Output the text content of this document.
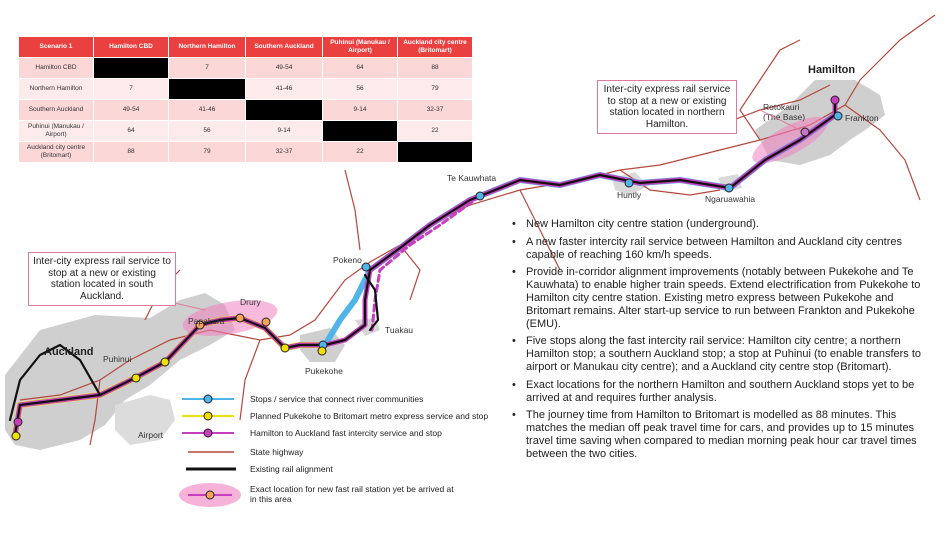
Hamilton
Frankton
Rotokauri
(The Base)
Ngaruawahia
Huntly
Te Kauwhata
Pokeno
Tuakau
Pukekohe
Drury
Papakura
Auckland
Puhinui
Airport
Scenario 1	Hamilton CBD	Northern Hamilton	Southern Auckland	Puhinui (Manukau / Airport)	Auckland city centre (Britomart)
Hamilton CBD		7	49-54	64	88
Northern Hamilton	7		41-46	56	79
Southern Auckland	49-54	41-46		9-14	32-37
Puhinui (Manukau / Airport)	64	56	9-14		22
Auckland city centre (Britomart)	88	79	32-37	22	
Inter-city express rail service to stop at a new or existing station located in northern Hamilton.
Inter-city express rail service to stop at a new or existing station located in south Auckland.
Stops / service that connect river communities
Planned Pukekohe to Britomart metro express service and stop
Hamilton to Auckland fast intercity service and stop
State highway
Existing rail alignment
Exact location for new fast rail station yet be arrived at in this area
• New Hamilton city centre station (underground).
• A new faster intercity rail service between Hamilton and Auckland city centres capable of reaching 160 km/h speeds.
• Provide in-corridor alignment improvements (notably between Pukekohe and Te Kauwhata) to enable higher train speeds. Extend electrification from Pukekohe to Hamilton city centre station. Existing metro express between Pukekohe and Britomart remains. Alter start-up service to run between Frankton and Pukekohe (EMU).
• Five stops along the fast intercity rail service: Hamilton city centre; a northern Hamilton stop; a southern Auckland stop; a stop at Puhinui (to enable transfers to airport or Manukau city centre); and a Auckland city centre stop (Britomart).
• Exact locations for the northern Hamilton and southern Auckland stops yet to be arrived at and requires further analysis.
• The journey time from Hamilton to Britomart is modelled as 88 minutes. This matches the median off peak travel time for cars, and provides up to 15 minutes travel time saving when compared to median morning peak hour car travel times between the two cities.
